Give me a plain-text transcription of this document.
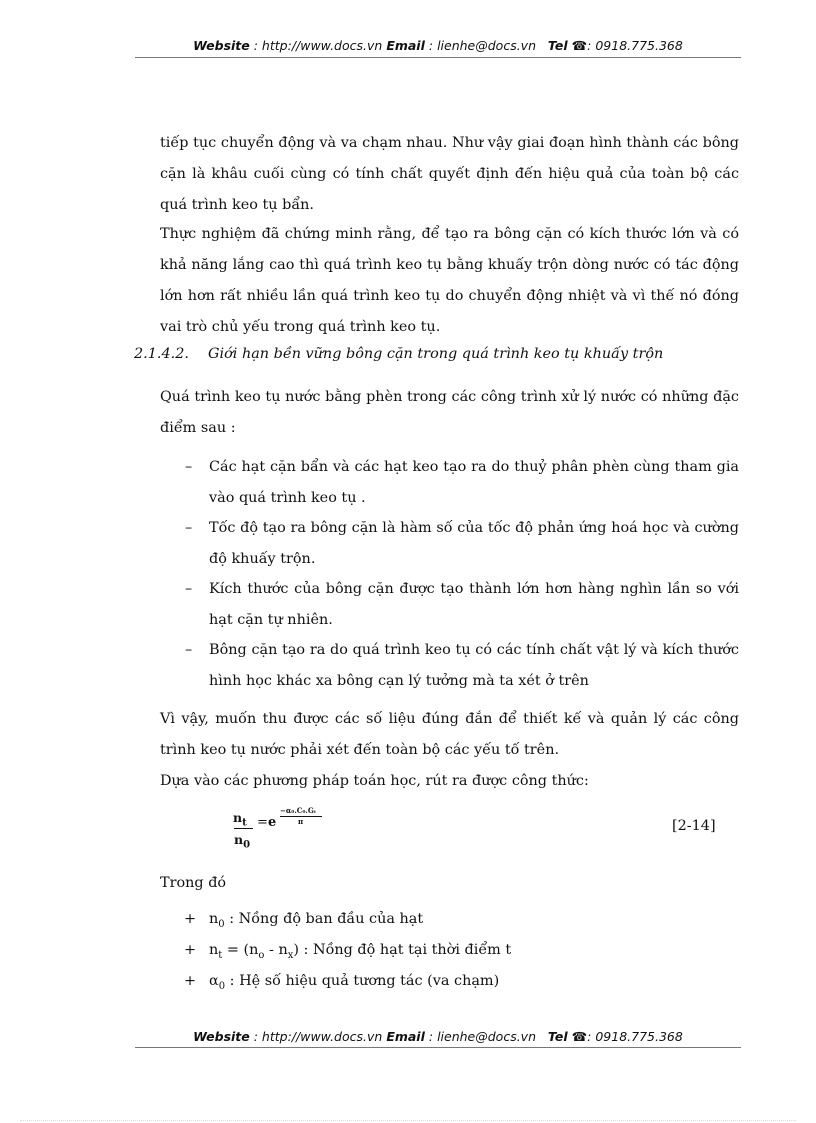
Website : http://www.docs.vn Email : lienhe@docs.vn Tel ☎: 0918.775.368

tiếp tục chuyển động và va chạm nhau. Như vậy giai đoạn hình thành các bông cặn là khâu cuối cùng có tính chất quyết định đến hiệu quả của toàn bộ các quá trình keo tụ bẩn.

Thực nghiệm đã chứng minh rằng, để tạo ra bông cặn có kích thước lớn và có khả năng lắng cao thì quá trình keo tụ bằng khuấy trộn dòng nước có tác động lớn hơn rất nhiều lần quá trình keo tụ do chuyển động nhiệt và vì thế nó đóng vai trò chủ yếu trong quá trình keo tụ.

2.1.4.2. Giới hạn bền vững bông cặn trong quá trình keo tụ khuấy trộn

Quá trình keo tụ nước bằng phèn trong các công trình xử lý nước có những đặc điểm sau :

– Các hạt cặn bẩn và các hạt keo tạo ra do thuỷ phân phèn cùng tham gia vào quá trình keo tụ .
– Tốc độ tạo ra bông cặn là hàm số của tốc độ phản ứng hoá học và cường độ khuấy trộn.
– Kích thước của bông cặn được tạo thành lớn hơn hàng nghìn lần so với hạt cặn tự nhiên.
– Bông cặn tạo ra do quá trình keo tụ có các tính chất vật lý và kích thước hình học khác xa bông cạn lý tưởng mà ta xét ở trên

Vì vậy, muốn thu được các số liệu đúng đắn để thiết kế và quản lý các công trình keo tụ nước phải xét đến toàn bộ các yếu tố trên.

Dựa vào các phương pháp toán học, rút ra được công thức:

$n_t$
$n_0$
= e
−α₀.C₀.Gₜ
π	[2-14]

Trong đó

+ $n_0$ : Nồng độ ban đầu của hạt
+ $n_t = (n_o - n_x)$ : Nồng độ hạt tại thời điểm t
+ $\alpha_0$ : Hệ số hiệu quả tương tác (va chạm)
Website : http://www.docs.vn Email : lienhe@docs.vn Tel ☎: 0918.775.368
